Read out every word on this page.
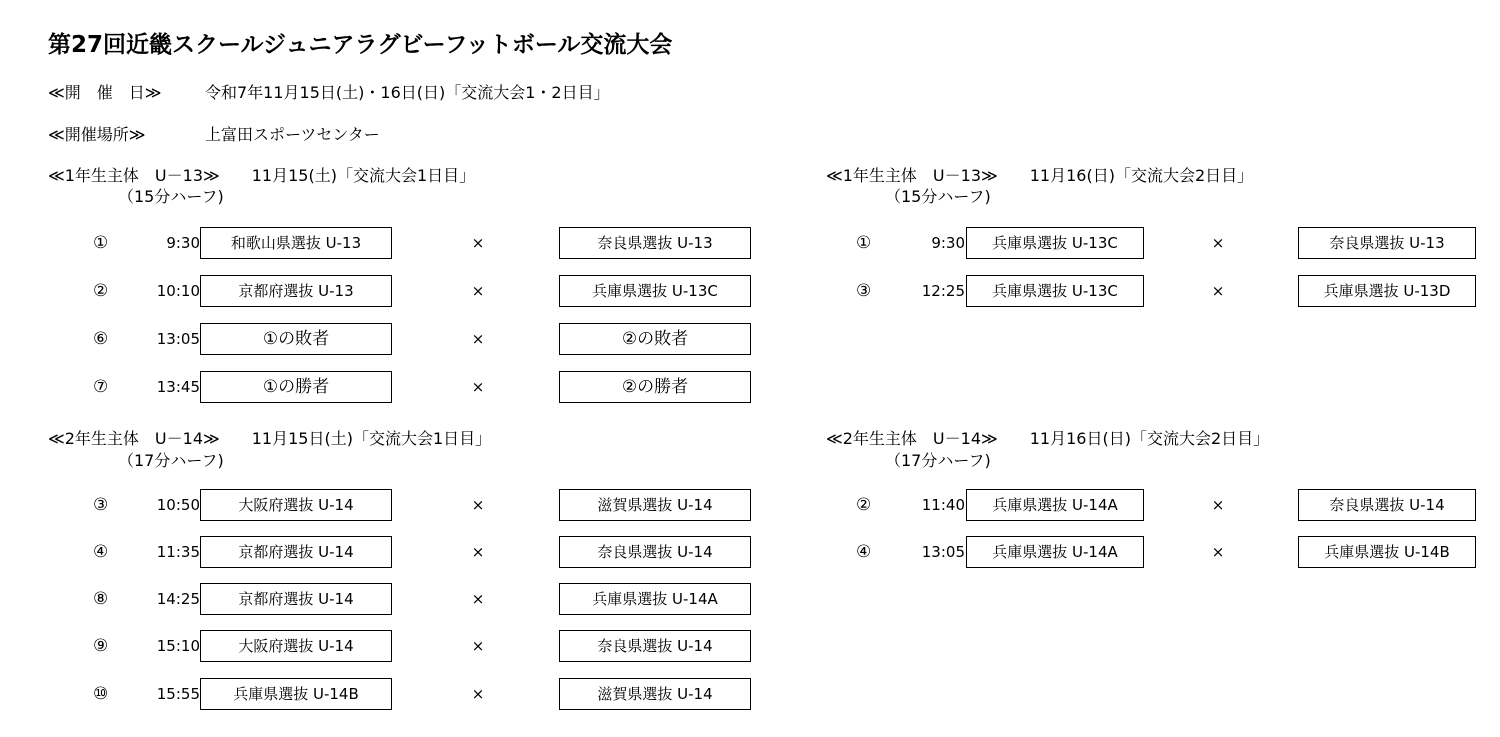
第27回近畿スクールジュニアラグビーフットボール交流大会
≪開　催　日≫	令和7年11月15日(土)・16日(日)「交流大会1・2日目」
≪開催場所≫	上富田スポーツセンター
≪1年生主体　U－13≫　　11月15(土)「交流大会1日目」
（15分ハーフ)
①	9:30	和歌山県選抜 U-13	×	奈良県選抜 U-13
②	10:10	京都府選抜 U-13	×	兵庫県選抜 U-13C
⑥	13:05	①の敗者	×	②の敗者
⑦	13:45	①の勝者	×	②の勝者
≪1年生主体　U－13≫　　11月16(日)「交流大会2日目」
（15分ハーフ)
①	9:30	兵庫県選抜 U-13C	×	奈良県選抜 U-13
③	12:25	兵庫県選抜 U-13C	×	兵庫県選抜 U-13D
≪2年生主体　U－14≫　　11月15日(土)「交流大会1日目」
（17分ハーフ)
③	10:50	大阪府選抜 U-14	×	滋賀県選抜 U-14
④	11:35	京都府選抜 U-14	×	奈良県選抜 U-14
⑧	14:25	京都府選抜 U-14	×	兵庫県選抜 U-14A
⑨	15:10	大阪府選抜 U-14	×	奈良県選抜 U-14
⑩	15:55	兵庫県選抜 U-14B	×	滋賀県選抜 U-14
≪2年生主体　U－14≫　　11月16日(日)「交流大会2日目」
（17分ハーフ)
②	11:40	兵庫県選抜 U-14A	×	奈良県選抜 U-14
④	13:05	兵庫県選抜 U-14A	×	兵庫県選抜 U-14B
